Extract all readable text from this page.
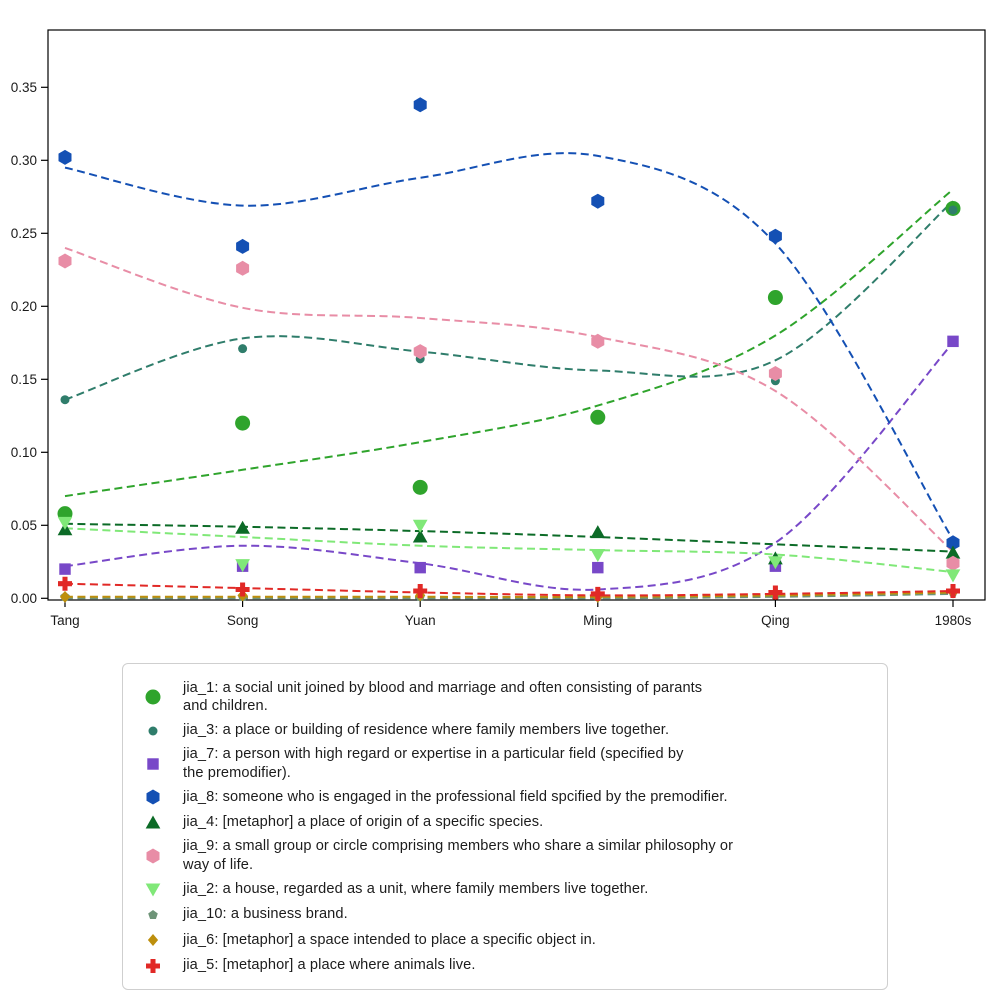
0.00
0.05
0.10
0.15
0.20
0.25
0.30
0.35
Tang	Song	Yuan	Ming	Qing	1980s
jia_1: a social unit joined by blood and marriage and often consisting of parants
and children.
jia_3: a place or building of residence where family members live together.
jia_7: a person with high regard or expertise in a particular field (specified by
the premodifier).
jia_8: someone who is engaged in the professional field spcified by the premodifier.
jia_4: [metaphor] a place of origin of a specific species.
jia_9: a small group or circle comprising members who share a similar philosophy or
way of life.
jia_2: a house, regarded as a unit, where family members live together.
jia_10: a business brand.
jia_6: [metaphor] a space intended to place a specific object in.
jia_5: [metaphor] a place where animals live.
